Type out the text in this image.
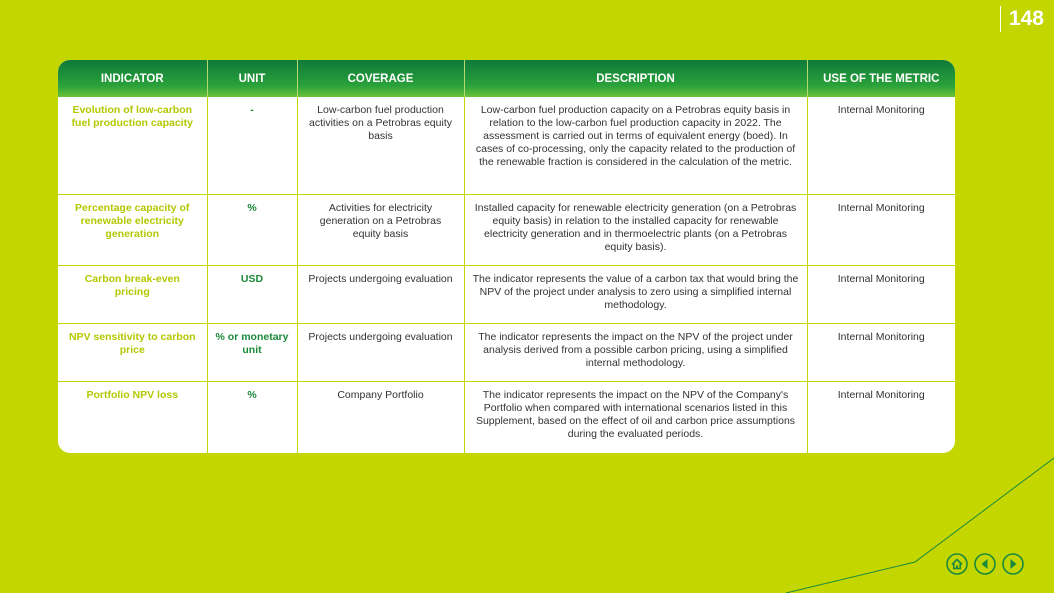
148
INDICATOR	UNIT	COVERAGE	DESCRIPTION	USE OF THE METRIC
Evolution of low-carbon fuel production capacity	-	Low-carbon fuel production activities on a Petrobras equity basis	Low-carbon fuel production capacity on a Petrobras equity basis in relation to the low-carbon fuel production capacity in 2022. The assessment is carried out in terms of equivalent energy (boed). In cases of co-processing, only the capacity related to the production of the renewable fraction is considered in the calculation of the metric.	Internal Monitoring
Percentage capacity of renewable electricity generation	%	Activities for electricity generation on a Petrobras equity basis	Installed capacity for renewable electricity generation (on a Petrobras equity basis) in relation to the installed capacity for renewable electricity generation and in thermoelectric plants (on a Petrobras equity basis).	Internal Monitoring
Carbon break-even pricing	USD	Projects undergoing evaluation	The indicator represents the value of a carbon tax that would bring the NPV of the project under analysis to zero using a simplified internal methodology.	Internal Monitoring
NPV sensitivity to carbon price	% or monetary unit	Projects undergoing evaluation	The indicator represents the impact on the NPV of the project under analysis derived from a possible carbon pricing, using a simplified internal methodology.	Internal Monitoring
Portfolio NPV loss	%	Company Portfolio	The indicator represents the impact on the NPV of the Company's Portfolio when compared with international scenarios listed in this Supplement, based on the effect of oil and carbon price assumptions during the evaluated periods.	Internal Monitoring
